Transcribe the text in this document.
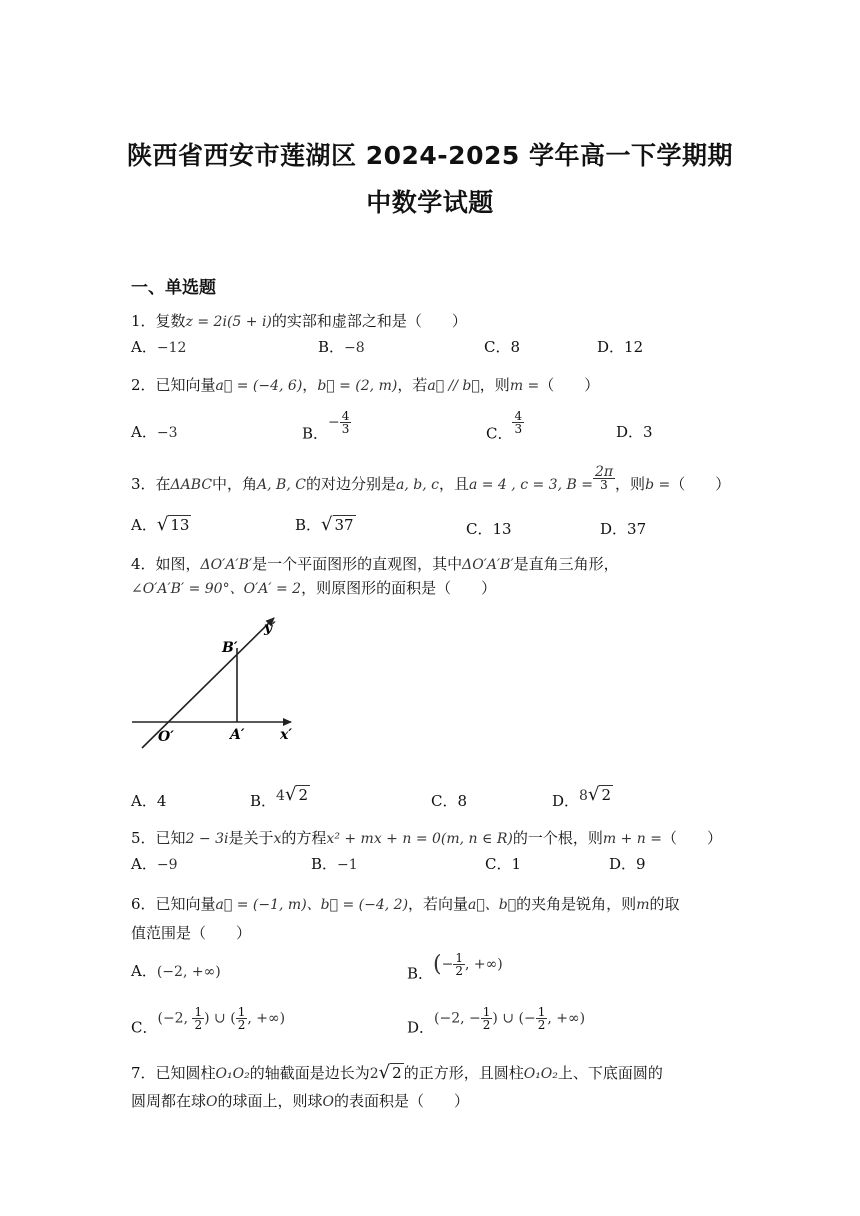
陕西省西安市莲湖区 2024-2025 学年高一下学期期
中数学试题
一、单选题
1．复数z = 2i(5 + i)的实部和虚部之和是（　　）
A．−12	B．−8	C．8	D．12
2．已知向量a⃗ = (−4, 6)，b⃗ = (2, m)，若a⃗ // b⃗，则m =（　　）
A．−3	B．− $\frac{4}{3}$	C． $\frac{4}{3}$	D．3
3．在ΔABC中，角A, B, C的对边分别是a, b, c，且a = 4 , c = 3, $B = \frac{2\pi}{3}$ ，则b =（　　）
A．√ 13	B．√ 37	C．13	D．37
4．如图，ΔO′A′B′是一个平面图形的直观图，其中ΔO′A′B′是直角三角形，
∠O′A′B′ = 90°、O′A′ = 2，则原图形的面积是（　　）
y′
x′
O′	A′
B′
A．4	B．4√ 2	C．8	D．8√ 2
5．已知2 − 3i是关于x的方程x² + mx + n = 0(m, n ∈ R)的一个根，则m + n =（　　）
A．−9	B．−1	C．1	D．9
6．已知向量a⃗ = (−1, m)、b⃗ = (−4, 2)，若向量a⃗、b⃗的夹角是锐角，则m的取
值范围是（　　）
A．(−2, +∞)	B．(− $\frac{1}{2}$ , +∞)
C．(−2, $\frac{1}{2}$ ) ∪ ( $\frac{1}{2}$ , +∞)	D．(−2, − $\frac{1}{2}$ ) ∪ (− $\frac{1}{2}$ , +∞)
7．已知圆柱O₁O₂的轴截面是边长为2√ 2 的正方形，且圆柱O₁O₂上、下底面圆的
圆周都在球O的球面上，则球O的表面积是（　　）
